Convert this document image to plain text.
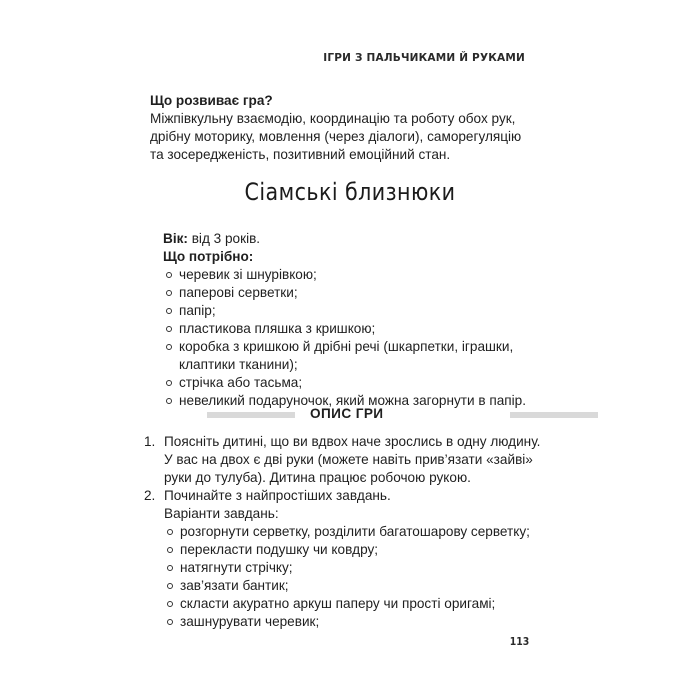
ІГРИ З ПАЛЬЧИКАМИ Й РУКАМИ
Що розвиває гра?
Міжпівкульну взаємодію, координацію та роботу обох рук,
дрібну моторику, мовлення (через діалоги), саморегуляцію
та зосередженість, позитивний емоційний стан.
Сіамські близнюки
Вік: від 3 років.
Що потрібно:
черевик зі шнурівкою;
паперові серветки;
папір;
пластикова пляшка з кришкою;
коробка з кришкою й дрібні речі (шкарпетки, іграшки,
клаптики тканини);
стрічка або тасьма;
невеликий подаруночок, який можна загорнути в папір.
ОПИС ГРИ
1. Поясніть дитині, що ви вдвох наче зрослись в одну людину.
У вас на двох є дві руки (можете навіть прив’язати «зайві»
руки до тулуба). Дитина працює робочою рукою.
2. Починайте з найпростіших завдань.
Варіанти завдань:
розгорнути серветку, розділити багатошарову серветку;
перекласти подушку чи ковдру;
натягнути стрічку;
зав’язати бантик;
скласти акуратно аркуш паперу чи прості оригамі;
зашнурувати черевик;
113
